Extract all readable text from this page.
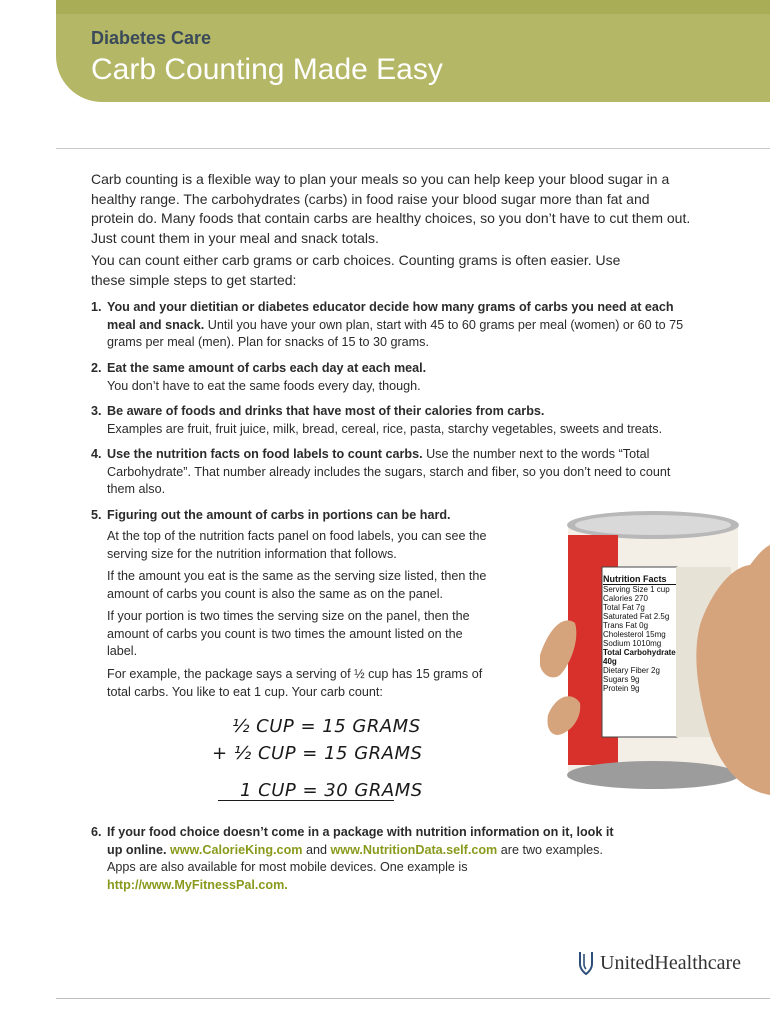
Diabetes Care
Carb Counting Made Easy

Carb counting is a flexible way to plan your meals so you can help keep your blood sugar in a healthy range. The carbohydrates (carbs) in food raise your blood sugar more than fat and protein do. Many foods that contain carbs are healthy choices, so you don’t have to cut them out. Just count them in your meal and snack totals.

You can count either carb grams or carb choices. Counting grams is often easier. Use these simple steps to get started:

1. You and your dietitian or diabetes educator decide how many grams of carbs you need at each meal and snack. Until you have your own plan, start with 45 to 60 grams per meal (women) or 60 to 75 grams per meal (men). Plan for snacks of 15 to 30 grams.
2. Eat the same amount of carbs each day at each meal.
You don’t have to eat the same foods every day, though.
3. Be aware of foods and drinks that have most of their calories from carbs.
Examples are fruit, fruit juice, milk, bread, cereal, rice, pasta, starchy vegetables, sweets and treats.
4. Use the nutrition facts on food labels to count carbs. Use the number next to the words “Total Carbohydrate”. That number already includes the sugars, starch and fiber, so you don’t need to count them also.
5. Figuring out the amount of carbs in portions can be hard.
At the top of the nutrition facts panel on food labels, you can see the serving size for the nutrition information that follows.
If the amount you eat is the same as the serving size listed, then the amount of carbs you count is also the same as on the panel.
If your portion is two times the serving size on the panel, then the amount of carbs you count is two times the amount listed on the label.
For example, the package says a serving of ½ cup has 15 grams of total carbs. You like to eat 1 cup. Your carb count:
6. If your food choice doesn’t come in a package with nutrition information on it, look it up online. www.CalorieKing.com and www.NutritionData.self.com are two examples. Apps are also available for most mobile devices. One example is http://www.MyFitnessPal.com.
½ CUP = 15 GRAMS
+ ½ CUP = 15 GRAMS
1 CUP = 30 GRAMS
Nutrition Facts
Serving Size 1 cup
Calories 270
Total Fat 7g
Saturated Fat 2.5g
Trans Fat 0g
Cholesterol 15mg
Sodium 1010mg
Total Carbohydrate 40g
Dietary Fiber 2g
Sugars 9g
Protein 9g
UnitedHealthcare
